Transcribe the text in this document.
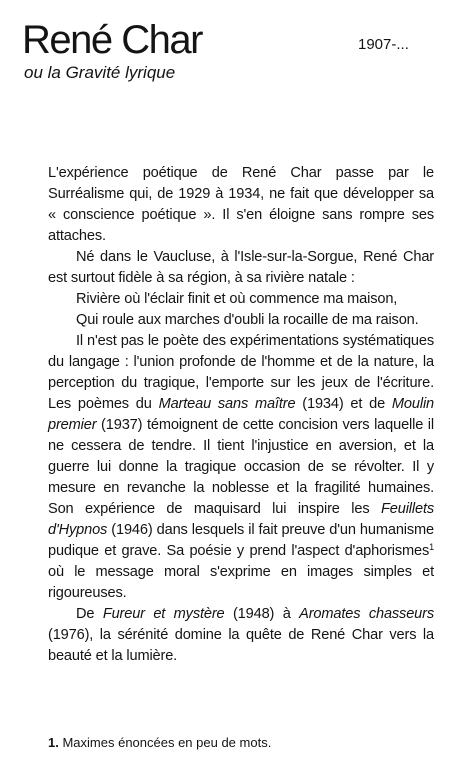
René Char	1907-...
ou la Gravité lyrique

L'expérience poétique de René Char passe par le Surréalisme qui, de 1929 à 1934, ne fait que développer sa « conscience poétique ». Il s'en éloigne sans rompre ses attaches.

Né dans le Vaucluse, à l'Isle-sur-la-Sorgue, René Char est surtout fidèle à sa région, à sa rivière natale :

Rivière où l'éclair finit et où commence ma maison,
Qui roule aux marches d'oubli la rocaille de ma raison.

Il n'est pas le poète des expérimentations systématiques du langage : l'union profonde de l'homme et de la nature, la perception du tragique, l'emporte sur les jeux de l'écriture. Les poèmes du Marteau sans maître (1934) et de Moulin premier (1937) témoignent de cette concision vers laquelle il ne cessera de tendre. Il tient l'injustice en aversion, et la guerre lui donne la tragique occasion de se révolter. Il y mesure en revanche la noblesse et la fragilité humaines. Son expérience de maquisard lui inspire les Feuillets d'Hypnos (1946) dans lesquels il fait preuve d'un humanisme pudique et grave. Sa poésie y prend l'aspect d'aphorismes$^1$ où le message moral s'exprime en images simples et rigoureuses.

De Fureur et mystère (1948) à Aromates chasseurs (1976), la sérénité domine la quête de René Char vers la beauté et la lumière.

1. Maximes énoncées en peu de mots.
